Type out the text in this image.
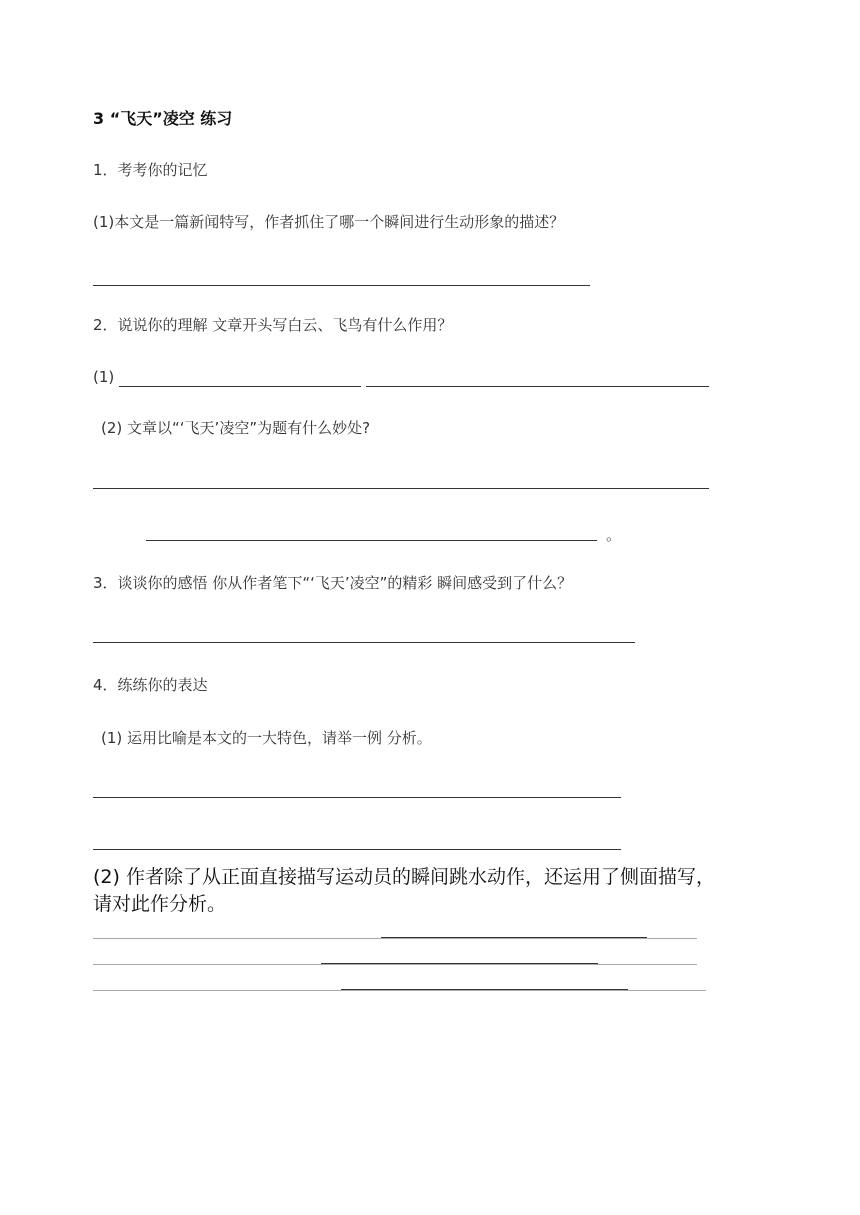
3 “飞天”凌空 练习
1．考考你的记忆
(1)本文是一篇新闻特写，作者抓住了哪一个瞬间进行生动形象的描述？
2．说说你的理解 文章开头写白云、飞鸟有什么作用？
(1)
(2) 文章以“‘飞天’凌空”为题有什么妙处?
。
3．谈谈你的感悟 你从作者笔下“‘飞天’凌空”的精彩 瞬间感受到了什么？
4．练练你的表达
(1) 运用比喻是本文的一大特色，请举一例 分析。
(2) 作者除了从正面直接描写运动员的瞬间跳水动作，还运用了侧面描写，
请对此作分析。
